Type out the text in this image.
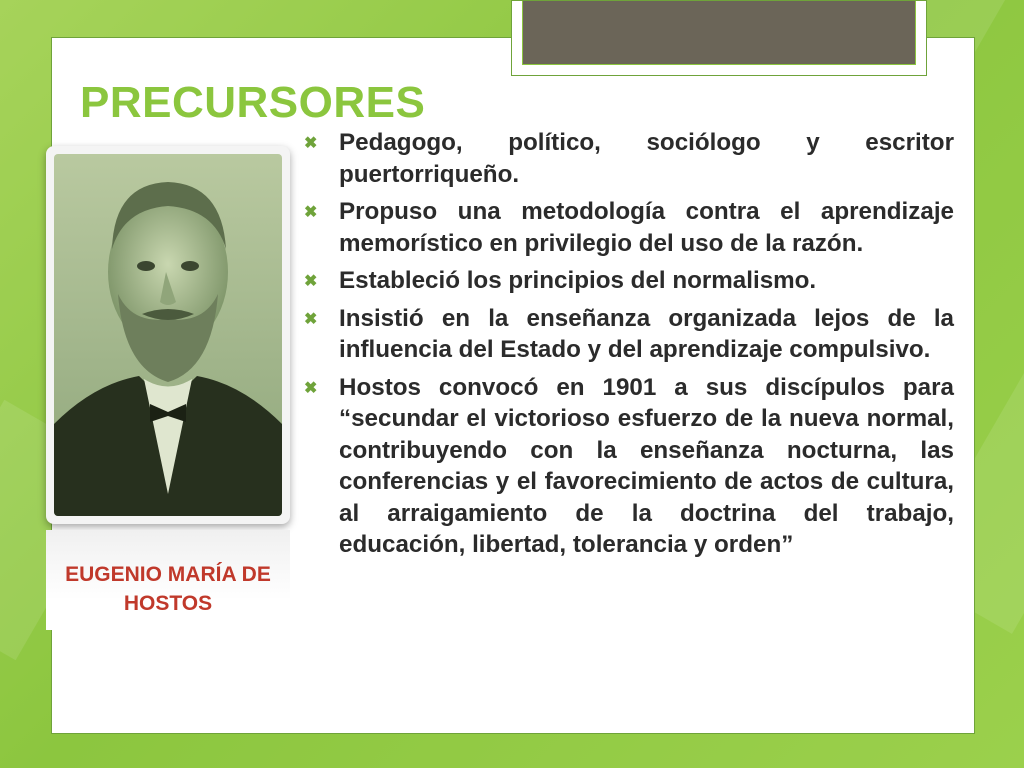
PRECURSORES
EUGENIO MARÍA DE HOSTOS
✖ Pedagogo, político, sociólogo y escritor puertorriqueño.
✖ Propuso una metodología contra el aprendizaje memorístico en privilegio del uso de la razón.
✖ Estableció los principios del normalismo.
✖ Insistió en la enseñanza organizada lejos de la influencia del Estado y del aprendizaje compulsivo.
✖ Hostos convocó en 1901 a sus discípulos para “secundar el victorioso esfuerzo de la nueva normal, contribuyendo con la enseñanza nocturna, las conferencias y el favorecimiento de actos de cultura, al arraigamiento de la doctrina del trabajo, educación, libertad, tolerancia y orden”
